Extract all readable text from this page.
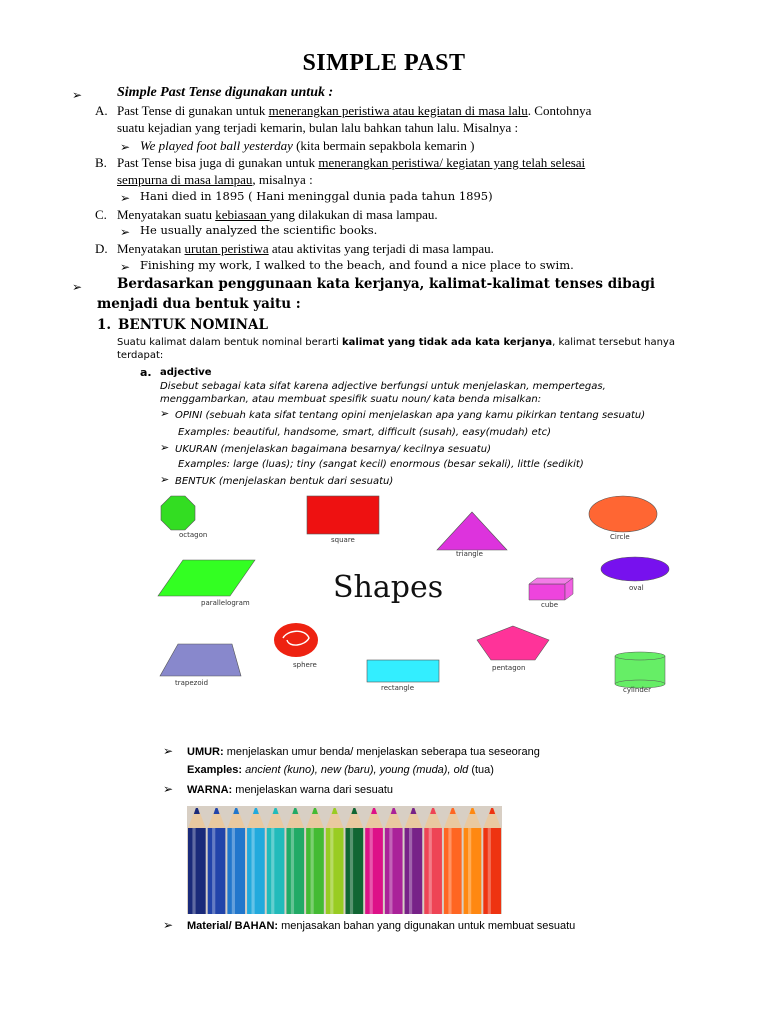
SIMPLE PAST
➢ Simple Past Tense digunakan untuk :
A. Past Tense di gunakan untuk menerangkan peristiwa atau kegiatan di masa lalu. Contohnya
suatu kejadian yang terjadi kemarin, bulan lalu bahkan tahun lalu. Misalnya :
➢ We played foot ball yesterday (kita bermain sepakbola kemarin )
B. Past Tense bisa juga di gunakan untuk menerangkan peristiwa/ kegiatan yang telah selesai
sempurna di masa lampau, misalnya :
➢ Hani died in 1895 ( Hani meninggal dunia pada tahun 1895)
C. Menyatakan suatu kebiasaan yang dilakukan di masa lampau.
➢ He usually analyzed the scientific books.
D. Menyatakan urutan peristiwa atau aktivitas yang terjadi di masa lampau.
➢ Finishing my work, I walked to the beach, and found a nice place to swim.
➢	Berdasarkan penggunaan kata kerjanya, kalimat-kalimat tenses dibagi
menjadi dua bentuk yaitu :
1. BENTUK NOMINAL
Suatu kalimat dalam bentuk nominal berarti kalimat yang tidak ada kata kerjanya, kalimat tersebut hanya
terdapat:
a. adjective
Disebut sebagai kata sifat karena adjective berfungsi untuk menjelaskan, mempertegas,
menggambarkan, atau membuat spesifik suatu noun/ kata benda misalkan:
➢ OPINI (sebuah kata sifat tentang opini menjelaskan apa yang kamu pikirkan tentang sesuatu)
Examples: beautiful, handsome, smart, difficult (susah), easy(mudah) etc)
➢ UKURAN (menjelaskan bagaimana besarnya/ kecilnya sesuatu)
Examples: large (luas); tiny (sangat kecil) enormous (besar sekali), little (sedikit)
➢ BENTUK (menjelaskan bentuk dari sesuatu)
Shapes
octagon
square
triangle
Circle
parallelogram	cube
oval
trapezoid
sphere
rectangle
pentagon
cylinder
➢ UMUR: menjelaskan umur benda/ menjelaskan seberapa tua seseorang
Examples: ancient (kuno), new (baru), young (muda), old (tua)
➢ WARNA: menjelaskan warna dari sesuatu
➢ Material/ BAHAN: menjasakan bahan yang digunakan untuk membuat sesuatu
